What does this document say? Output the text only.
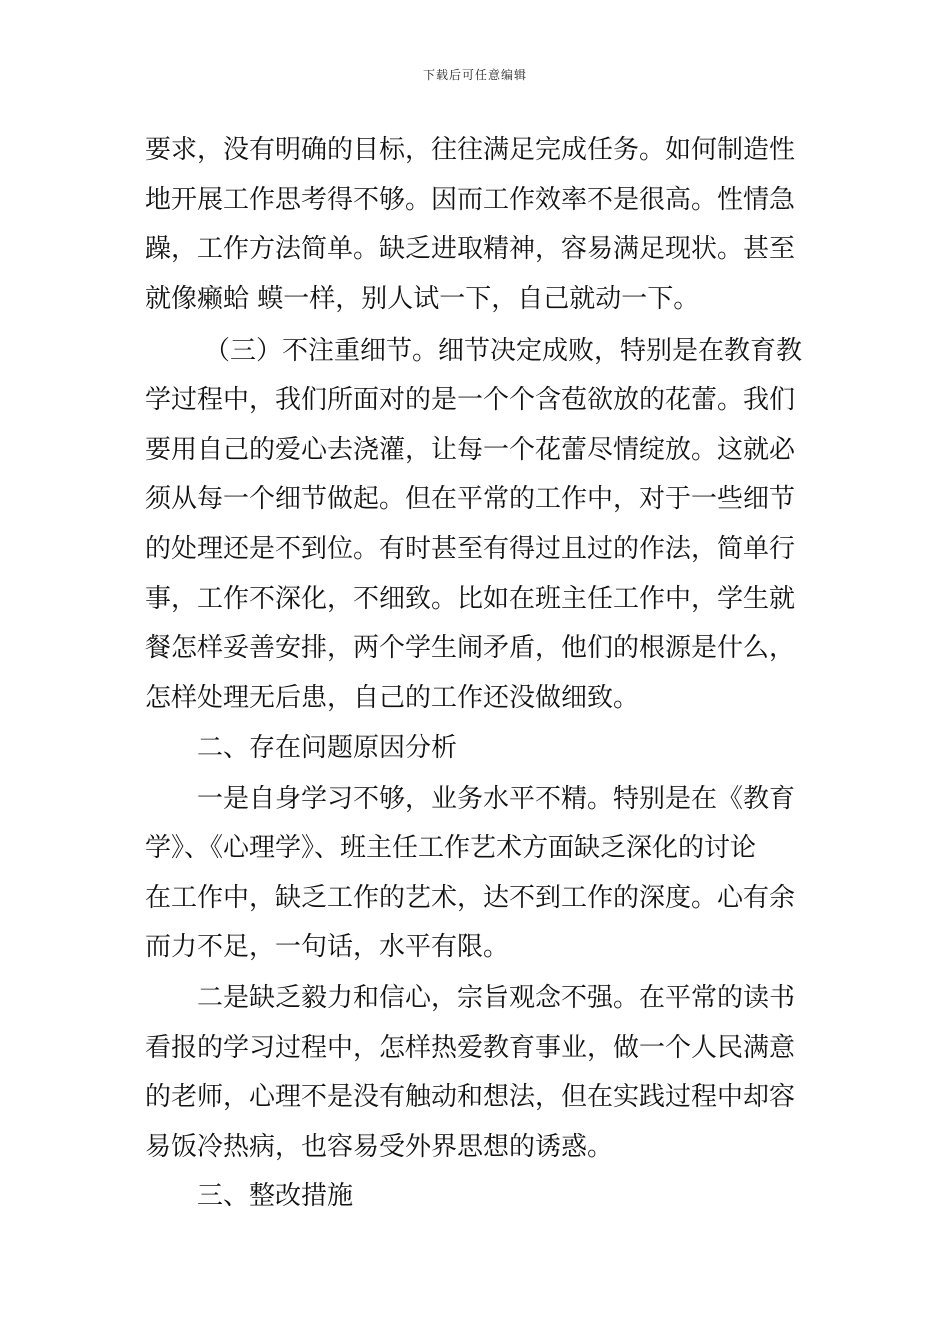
下载后可任意编辑

要求，没有明确的目标，往往满足完成任务。如何制造性

地开展工作思考得不够。因而工作效率不是很高。性情急

躁，工作方法简单。缺乏进取精神，容易满足现状。甚至

就像癞蛤 蟆一样，别人试一下，自己就动一下。

（三）不注重细节。细节决定成败，特别是在教育教

学过程中，我们所面对的是一个个含苞欲放的花蕾。我们

要用自己的爱心去浇灌，让每一个花蕾尽情绽放。这就必

须从每一个细节做起。但在平常的工作中，对于一些细节

的处理还是不到位。有时甚至有得过且过的作法，简单行

事，工作不深化，不细致。比如在班主任工作中，学生就

餐怎样妥善安排，两个学生闹矛盾，他们的根源是什么，

怎样处理无后患，自己的工作还没做细致。

二、存在问题原因分析

一是自身学习不够，业务水平不精。特别是在《教育

学》、《心理学》、班主任工作艺术方面缺乏深化的讨论

在工作中，缺乏工作的艺术，达不到工作的深度。心有余

而力不足，一句话，水平有限。

二是缺乏毅力和信心，宗旨观念不强。在平常的读书

看报的学习过程中，怎样热爱教育事业，做一个人民满意

的老师，心理不是没有触动和想法，但在实践过程中却容

易饭冷热病，也容易受外界思想的诱惑。

三、整改措施
